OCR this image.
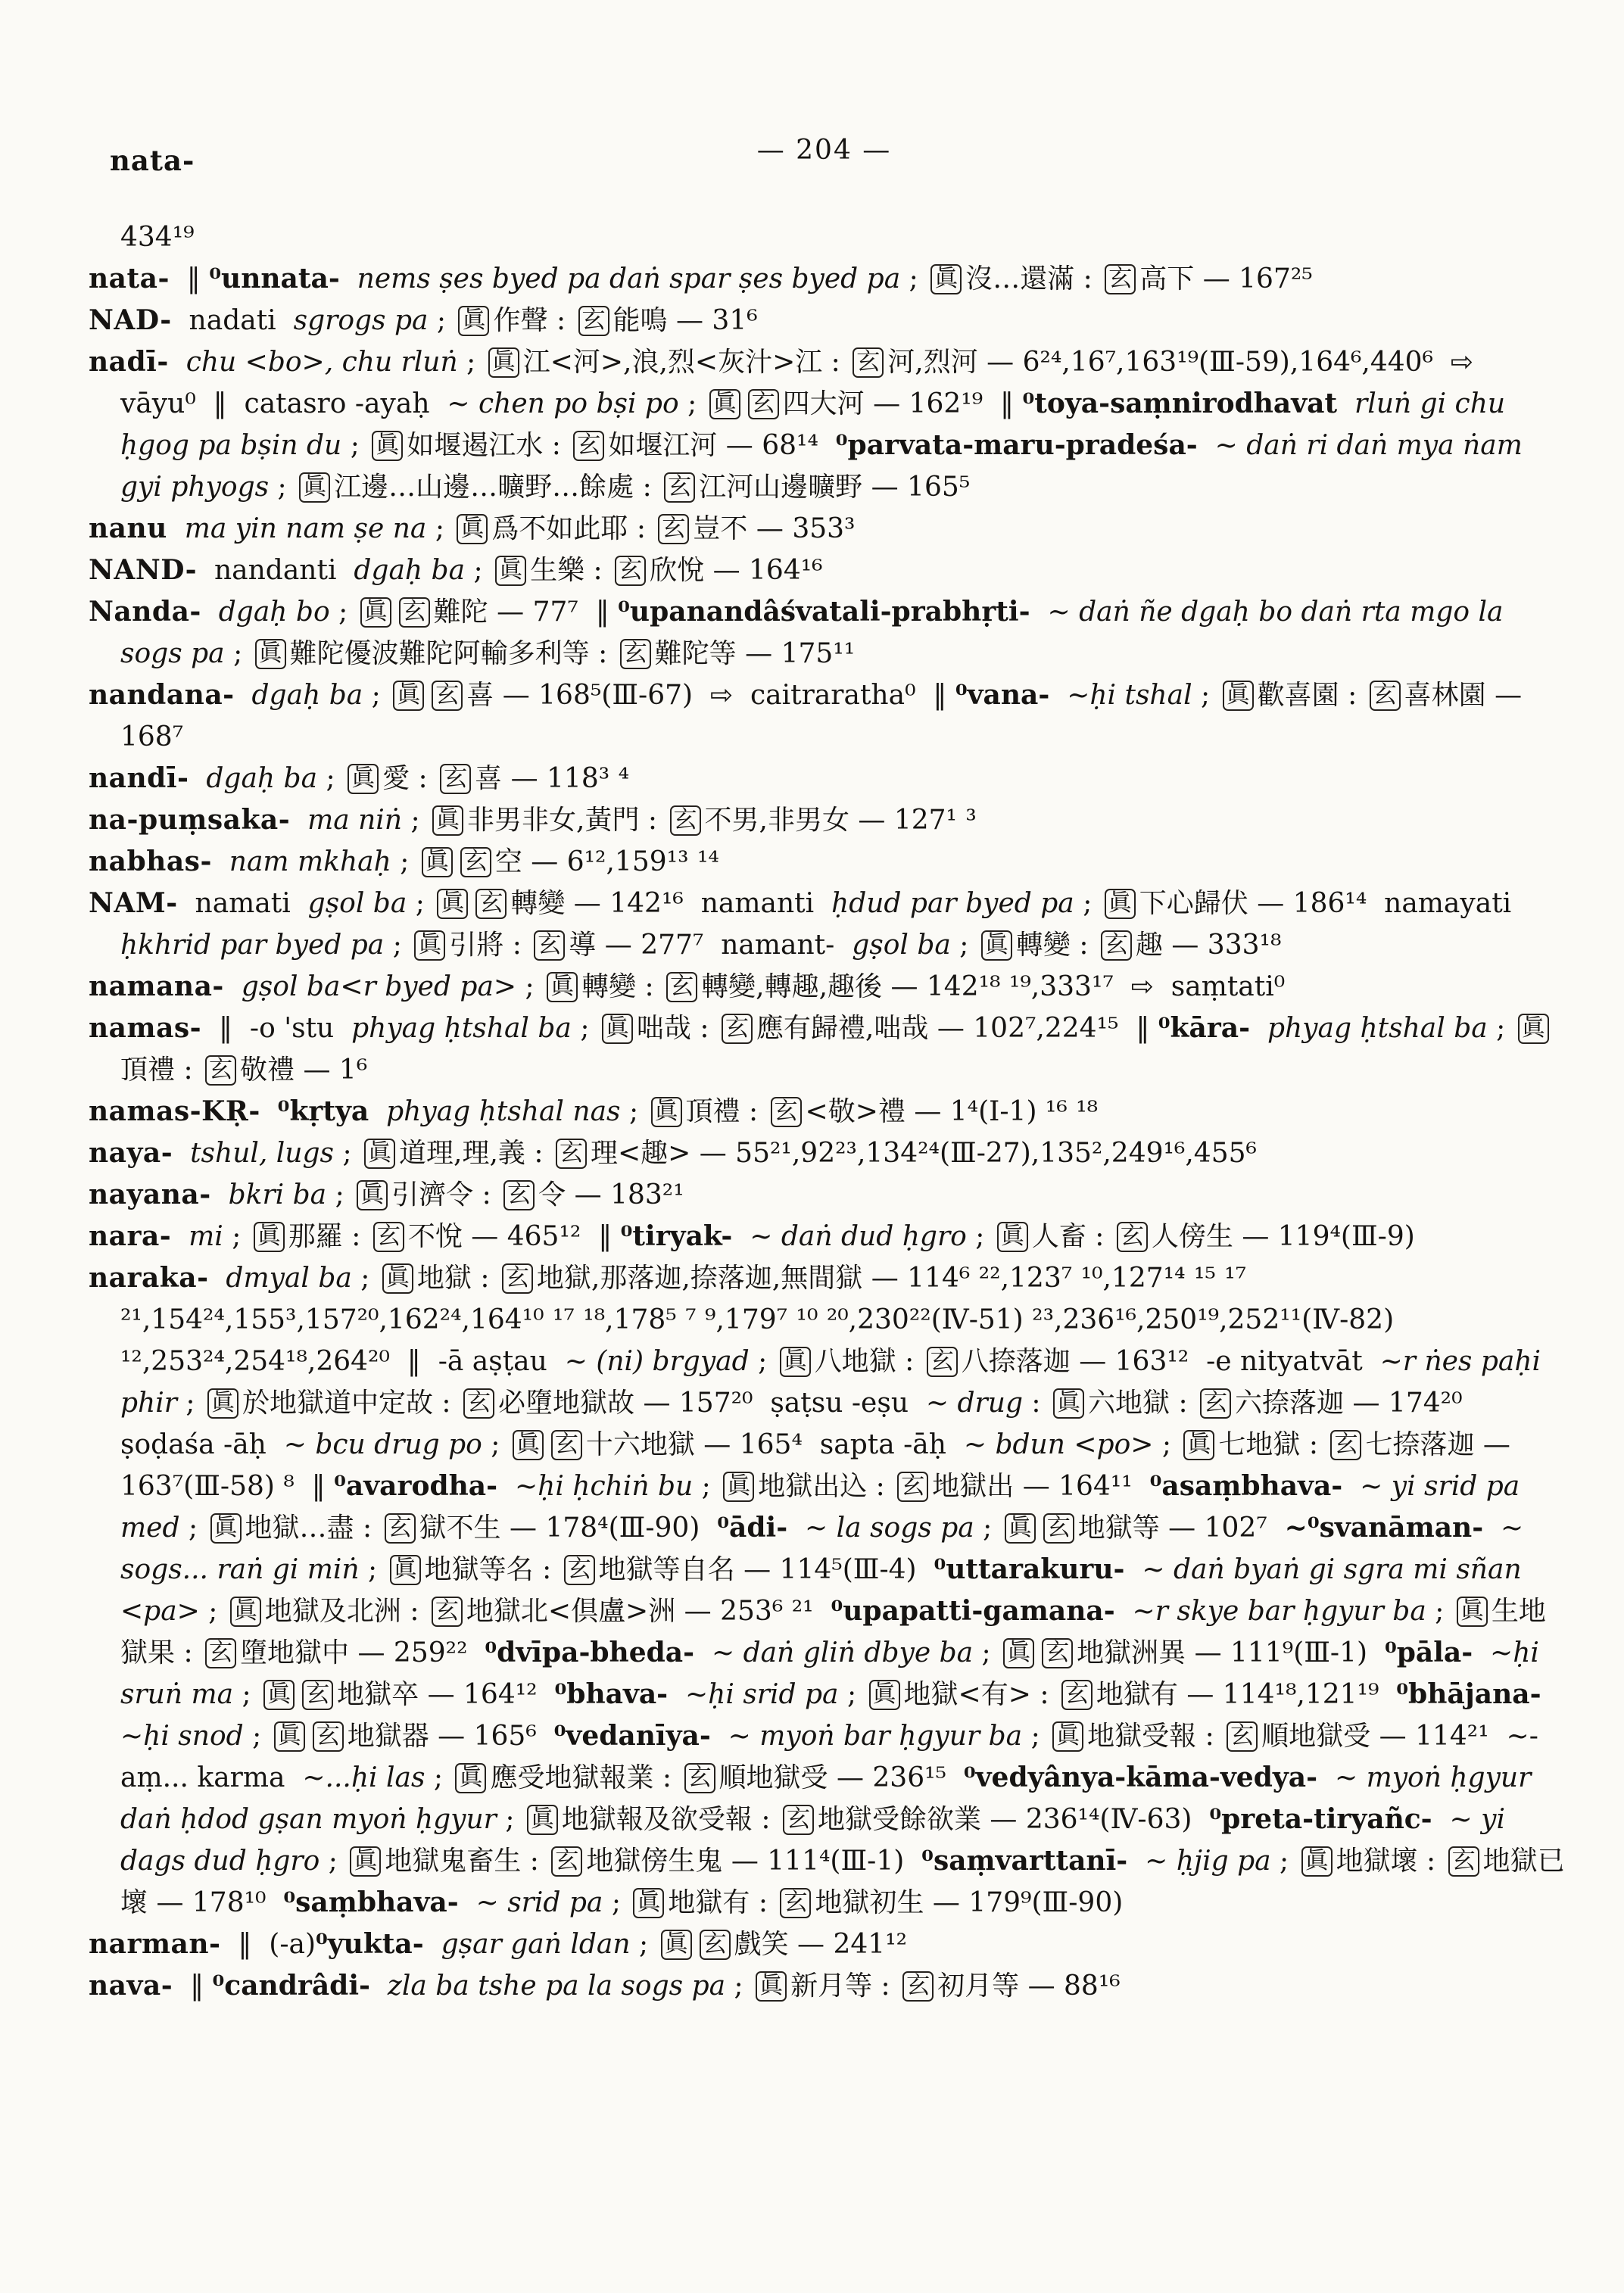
nata-	— 204 —

434¹⁹

nata-  ‖ ⁰unnata- nems ṣes byed pa daṅ spar ṣes byed pa ; 眞 沒…還滿 : 玄 高下 — 167²⁵

NAD-  nadati  sgrogs pa ; 眞 作聲 : 玄 能鳴 — 31⁶

nadī- chu <bo>, chu rluṅ ; 眞 江<河>,浪,烈<灰汁>江 : 玄 河,烈河 — 6²⁴,16⁷,163¹⁹(Ⅲ-59),164⁶,440⁶  ⇨  vāyu⁰  ‖  catasro -ayaḥ  ~ chen po bṣi po ; 眞 玄 四大河 — 162¹⁹  ‖ ⁰toya-saṃnirodhavat rluṅ gi chu ḥgog pa bṣin du ; 眞 如堰遏江水 : 玄 如堰江河 — 68¹⁴  ⁰parvata-maru-pradeśa-  ~ daṅ ri daṅ mya ṅam gyi phyogs ; 眞 江邊…山邊…曠野…餘處 : 玄 江河山邊曠野 — 165⁵

nanu ma yin nam ṣe na ; 眞 爲不如此耶 : 玄 豈不 — 353³

NAND-  nandanti  dgaḥ ba ; 眞 生樂 : 玄 欣悅 — 164¹⁶

Nanda- dgaḥ bo ; 眞 玄 難陀 — 77⁷  ‖ ⁰upanandâśvatali-prabhṛti-  ~ daṅ ñe dgaḥ bo daṅ rta mgo la sogs pa ; 眞 難陀優波難陀阿輸多利等 : 玄 難陀等 — 175¹¹

nandana- dgaḥ ba ; 眞 玄 喜 — 168⁵(Ⅲ-67)  ⇨  caitraratha⁰  ‖ ⁰vana- ~ḥi tshal ; 眞 歡喜園 : 玄 喜林園 — 168⁷

nandī- dgaḥ ba ; 眞 愛 : 玄 喜 — 118³ ⁴

na-puṃsaka- ma niṅ ; 眞 非男非女,黃門 : 玄 不男,非男女 — 127¹ ³

nabhas- nam mkhaḥ ; 眞 玄 空 — 6¹²,159¹³ ¹⁴

NAM-  namati  gṣol ba ; 眞 玄 轉變 — 142¹⁶  namanti  ḥdud par byed pa ; 眞 下心歸伏 — 186¹⁴  namayati  ḥkhrid par byed pa ; 眞 引將 : 玄 導 — 277⁷  namant-  gṣol ba ; 眞 轉變 : 玄 趣 — 333¹⁸

namana- gṣol ba<r byed pa> ; 眞 轉變 : 玄 轉變,轉趣,趣後 — 142¹⁸ ¹⁹,333¹⁷  ⇨  saṃtati⁰

namas-  ‖  -o 'stu  phyag ḥtshal ba ; 眞 咄哉 : 玄 應有歸禮,咄哉 — 102⁷,224¹⁵  ‖ ⁰kāra- phyag ḥtshal ba ; 眞頂禮 : 玄 敬禮 — 1⁶

namas-KṚ- ⁰kṛtya phyag ḥtshal nas ; 眞 頂禮 : 玄 <敬>禮 — 1⁴(Ⅰ-1) ¹⁶ ¹⁸

naya- tshul, lugs ; 眞 道理,理,義 : 玄 理<趣> — 55²¹,92²³,134²⁴(Ⅲ-27),135²,249¹⁶,455⁶

nayana- bkri ba ; 眞 引濟令 : 玄 令 — 183²¹

nara- mi ; 眞 那羅 : 玄 不悅 — 465¹²  ‖ ⁰tiryak-  ~ daṅ dud ḥgro ; 眞 人畜 : 玄 人傍生 — 119⁴(Ⅲ-9)

naraka- dmyal ba ; 眞 地獄 : 玄 地獄,那落迦,捺落迦,無間獄 — 114⁶ ²²,123⁷ ¹⁰,127¹⁴ ¹⁵ ¹⁷ ²¹,154²⁴,155³,157²⁰,162²⁴,164¹⁰ ¹⁷ ¹⁸,178⁵ ⁷ ⁹,179⁷ ¹⁰ ²⁰,230²²(Ⅳ-51) ²³,236¹⁶,250¹⁹,252¹¹(Ⅳ-82) ¹²,253²⁴,254¹⁸,264²⁰  ‖  -ā aṣṭau  ~ (ni) brgyad ; 眞 八地獄 : 玄 八捺落迦 — 163¹²  -e nityatvāt  ~r ṅes paḥi phir ; 眞 於地獄道中定故 : 玄 必墮地獄故 — 157²⁰  ṣaṭsu -eṣu  ~ drug : 眞 六地獄 : 玄 六捺落迦 — 174²⁰  ṣoḍaśa -āḥ  ~ bcu drug po ; 眞 玄 十六地獄 — 165⁴  sapta -āḥ  ~ bdun <po> ; 眞 七地獄 : 玄 七捺落迦 — 163⁷(Ⅲ-58) ⁸  ‖ ⁰avarodha- ~ḥi ḥchiṅ bu ; 眞 地獄出込 : 玄 地獄出 — 164¹¹  ⁰asaṃbhava-  ~ yi srid pa med ; 眞 地獄…盡 : 玄 獄不生 — 178⁴(Ⅲ-90)  ⁰ādi-  ~ la sogs pa ; 眞 玄 地獄等 — 102⁷  ~⁰svanāman-  ~ sogs... raṅ gi miṅ ; 眞 地獄等名 : 玄 地獄等自名 — 114⁵(Ⅲ-4)  ⁰uttarakuru-  ~ daṅ byaṅ gi sgra mi sñan <pa> ; 眞 地獄及北洲 : 玄 地獄北<倶盧>洲 — 253⁶ ²¹  ⁰upapatti-gamana- ~r skye bar ḥgyur ba ; 眞 生地獄果 : 玄 墮地獄中 — 259²²  ⁰dvīpa-bheda-  ~ daṅ gliṅ dbye ba ; 眞 玄 地獄洲異 — 111⁹(Ⅲ-1)  ⁰pāla- ~ḥi sruṅ ma ; 眞 玄 地獄卒 — 164¹²  ⁰bhava- ~ḥi srid pa ; 眞 地獄<有> : 玄 地獄有 — 114¹⁸,121¹⁹  ⁰bhājana-  ~ḥi snod ; 眞 玄 地獄器 — 165⁶  ⁰vedanīya-  ~ myoṅ bar ḥgyur ba ; 眞 地獄受報 : 玄 順地獄受 — 114²¹  ~-aṃ... karma  ~...ḥi las ; 眞 應受地獄報業 : 玄 順地獄受 — 236¹⁵  ⁰vedyânya-kāma-vedya-  ~ myoṅ ḥgyur daṅ ḥdod gṣan myoṅ ḥgyur ; 眞 地獄報及欲受報 : 玄 地獄受餘欲業 — 236¹⁴(Ⅳ-63)  ⁰preta-tiryañc-  ~ yi dags dud ḥgro ; 眞 地獄鬼畜生 : 玄 地獄傍生鬼 — 111⁴(Ⅲ-1)  ⁰saṃvarttanī-  ~ ḥjig pa ; 眞 地獄壞 : 玄 地獄已壞 — 178¹⁰  ⁰saṃbhava-  ~ srid pa ; 眞 地獄有 : 玄 地獄初生 — 179⁹(Ⅲ-90)

narman-  ‖  (-a)⁰yukta- gṣar gaṅ ldan ; 眞 玄 戲笑 — 241¹²

nava-  ‖ ⁰candrâdi- zla ba tshe pa la sogs pa ; 眞 新月等 : 玄 初月等 — 88¹⁶
